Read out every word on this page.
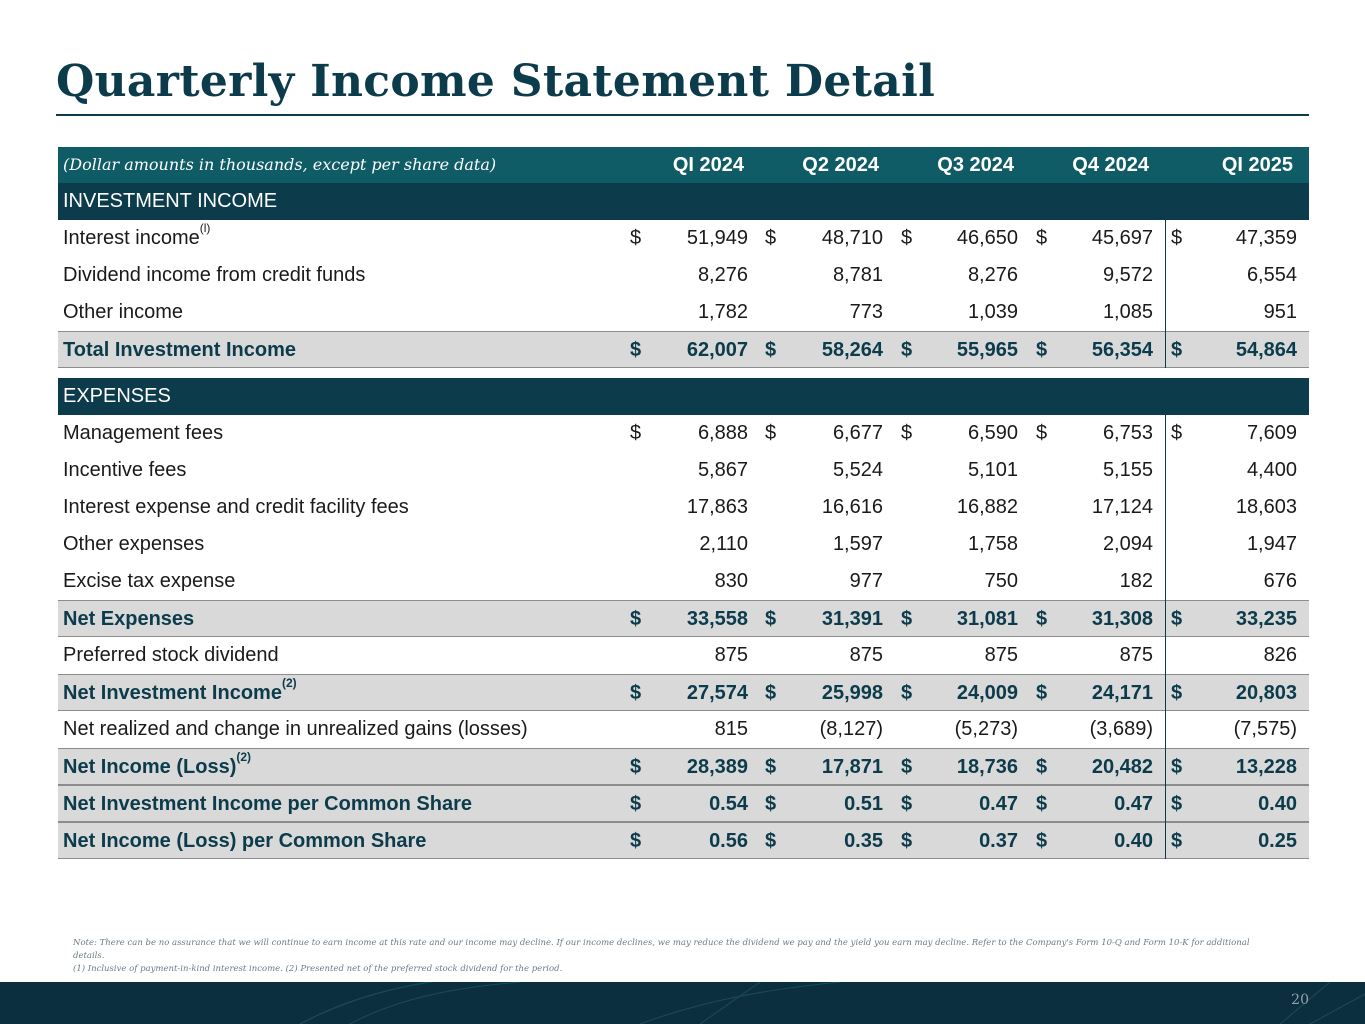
Quarterly Income Statement Detail
(Dollar amounts in thousands, except per share data)	QI 2024	Q2 2024	Q3 2024	Q4 2024	QI 2025
INVESTMENT INCOME
Interest income$^{(l)}$	$	51,949 $	48,710 $	46,650 $	45,697 $	47,359
Dividend income from credit funds	8,276	8,781	8,276	9,572	6,554
Other income	1,782	773	1,039	1,085	951
Total Investment Income	$	62,007 $	58,264 $	55,965 $	56,354 $	54,864
EXPENSES
Management fees	$	6,888 $	6,677 $	6,590 $	6,753 $	7,609
Incentive fees	5,867	5,524	5,101	5,155	4,400
Interest expense and credit facility fees	17,863	16,616	16,882	17,124	18,603
Other expenses	2,110	1,597	1,758	2,094	1,947
Excise tax expense	830	977	750	182	676
Net Expenses	$	33,558 $	31,391 $	31,081 $	31,308 $	33,235
Preferred stock dividend	875	875	875	875	826
Net Investment Income$^{(2)}$	$	27,574 $	25,998 $	24,009 $	24,171 $	20,803
Net realized and change in unrealized gains (losses)	815	(8,127)	(5,273)	(3,689)	(7,575)
Net Income (Loss)$^{(2)}$	$	28,389 $	17,871 $	18,736 $	20,482 $	13,228
Net Investment Income per Common Share	$	0.54 $	0.51 $	0.47 $	0.47 $	0.40
Net Income (Loss) per Common Share	$	0.56 $	0.35 $	0.37 $	0.40 $	0.25
Note: There can be no assurance that we will continue to earn income at this rate and our income may decline. If our income declines, we may reduce the dividend we pay and the yield you earn may decline. Refer to the Company's Form 10-Q and Form 10-K for additional details.
(1) Inclusive of payment-in-kind interest income. (2) Presented net of the preferred stock dividend for the period.
20
